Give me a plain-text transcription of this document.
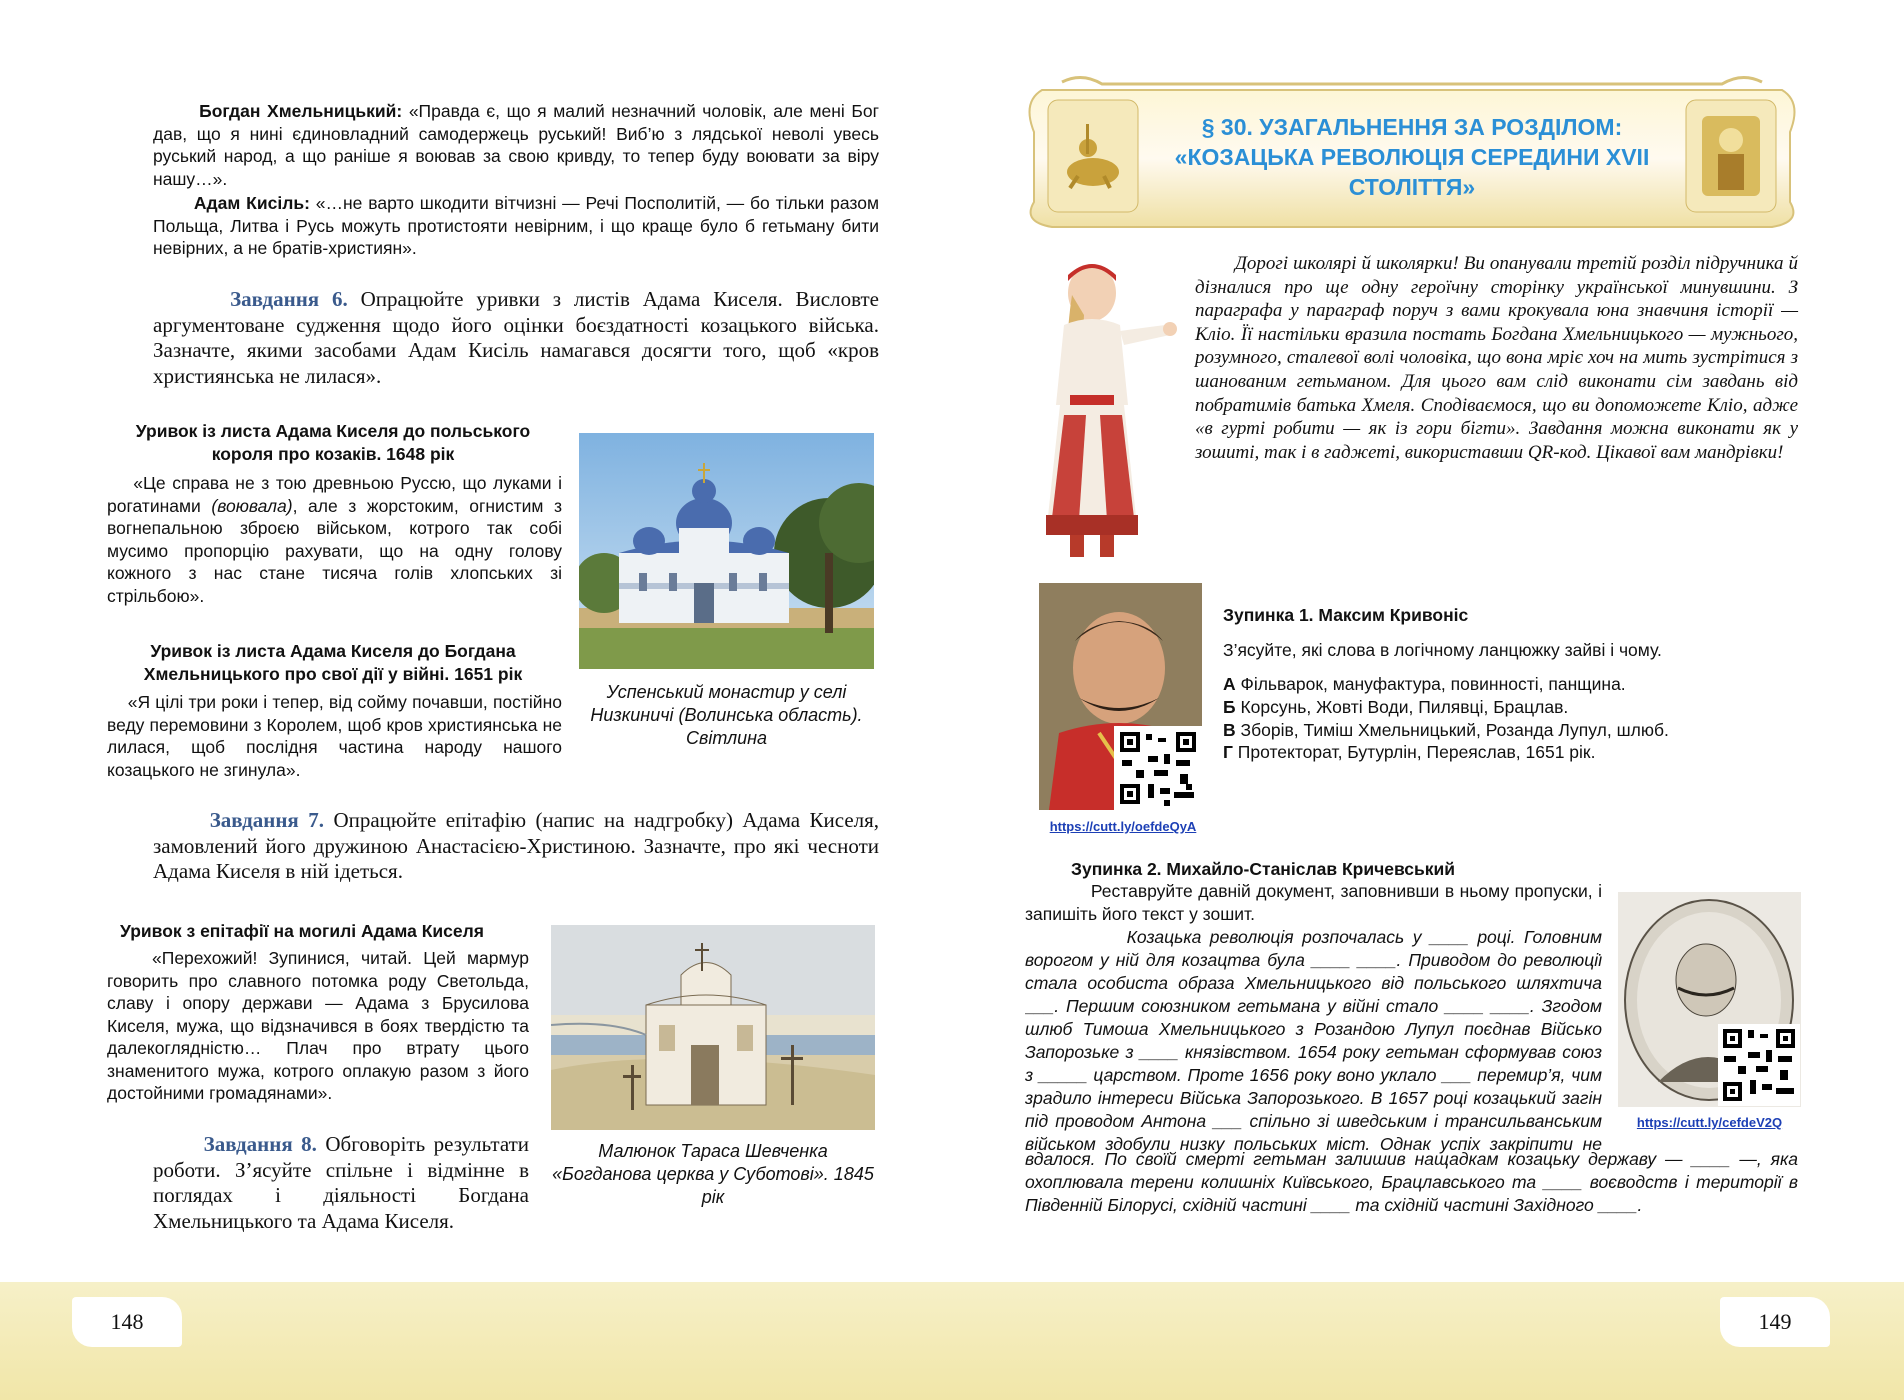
Богдан Хмельницький: «Правда є, що я малий незначний чоловік, але мені Бог дав, що я нині єдиновладний самодержець руський! Виб’ю з лядської неволі увесь руський народ, а що раніше я воював за свою кривду, то тепер буду воювати за віру нашу…».
Адам Кисіль: «…не варто шкодити вітчизні — Речі Посполитій, — бо тільки разом Польща, Литва і Русь можуть протистояти невірним, і що краще було б гетьману бити невірних, а не братів-християн».
Завдання 6. Опрацюйте уривки з листів Адама Киселя. Висловте аргументоване судження щодо його оцінки боєздатності козацького війська. Зазначте, якими засобами Адам Кисіль намагався досягти того, щоб «кров християнська не лилася».
Уривок із листа Адама Киселя до польського короля про козаків. 1648 рік
«Це справа не з тою древньою Руссю, що луками і рогатинами (воювала), але з жорстоким, огнистим з вогнепальною зброєю військом, котрого так собі мусимо пропорцію рахувати, що на одну голову кожного з нас стане тисяча голів хлопських зі стрільбою».
Уривок із листа Адама Киселя до Богдана Хмельницького про свої дії у війні. 1651 рік
«Я цілі три роки і тепер, від сойму почавши, постійно веду перемовини з Королем, щоб кров християнська не лилася, щоб послідня частина народу нашого козацького не згинула».
Успенський монастир у селі Низкиничі (Волинська область). Світлина
Завдання 7. Опрацюйте епітафію (напис на надгробку) Адама Киселя, замовлений його дружиною Анастасією-Христиною. Зазначте, про які чесноти Адама Киселя в ній ідеться.
Уривок з епітафії на могилі Адама Киселя
«Перехожий! Зупинися, читай. Цей мармур говорить про славного потомка роду Светольда, славу і опору держави — Адама з Брусилова Киселя, мужа, що відзначився в боях твердістю та далекоглядністю… Плач про втрату цього знаменитого мужа, котрого оплакую разом з його достойними громадянами».
Завдання 8. Обговоріть результати роботи. З’ясуйте спільне і відмінне в поглядах і діяльності Богдана Хмельницького та Адама Киселя.
Малюнок Тараса Шевченка «Богданова церква у Суботові». 1845 рік
§ 30. УЗАГАЛЬНЕННЯ ЗА РОЗДІЛОМ: «КОЗАЦЬКА РЕВОЛЮЦІЯ СЕРЕДИНИ XVII СТОЛІТТЯ»
Дорогі школярі й школярки! Ви опанували третій розділ підручника й дізналися про ще одну героїчну сторінку української минувшини. З параграфа у параграф поруч з вами крокувала юна знавчиня історії — Кліо. Її настільки вразила постать Богдана Хмельницького — мужнього, розумного, сталевої волі чоловіка, що вона мріє хоч на мить зустрітися з шанованим гетьманом. Для цього вам слід виконати сім завдань від побратимів батька Хмеля. Сподіваємося, що ви допоможете Кліо, адже «в гурті робити — як із гори бігти». Завдання можна виконати як у зошиті, так і в гаджеті, використавши QR-код. Цікавої вам мандрівки!
https://cutt.ly/oefdeQyA
Зупинка 1. Максим Кривоніс
З’ясуйте, які слова в логічному ланцюжку зайві і чому.
А Фільварок, мануфактура, повинності, панщина.
Б Корсунь, Жовті Води, Пилявці, Брацлав.
В Зборів, Тиміш Хмельницький, Розанда Лупул, шлюб.
Г Протекторат, Бутурлін, Переяслав, 1651 рік.
Зупинка 2. Михайло-Станіслав Кричевський
https://cutt.ly/cefdeV2Q
Реставруйте давній документ, заповнивши в ньому пропуски, і запишіть його текст у зошит.
Козацька революція розпочалась у ____ році. Головним ворогом у ній для козацтва була ____ ____. Приводом до революції стала особиста образа Хмельницького від польського шляхтича ___. Першим союзником гетьмана у війні стало ____ ____. Згодом шлюб Тимоша Хмельницького з Розандою Лупул поєднав Військо Запорозьке з ____ князівством. 1654 року гетьман сформував союз з _____ царством. Проте 1656 року воно уклало ___ перемир’я, чим зрадило інтереси Війська Запорозького. В 1657 році козацький загін під проводом Антона ___ спільно зі шведським і трансильванським військом здобули низку польських міст. Однак успіх закріпити не
вдалося. По своїй смерті гетьман залишив нащадкам козацьку державу — ____ —, яка охоплювала терени колишніх Київського, Брацлавського та ____ воєводств і території в Південній Білорусі, східній частині ____ та східній частині Західного ____.
148	149
